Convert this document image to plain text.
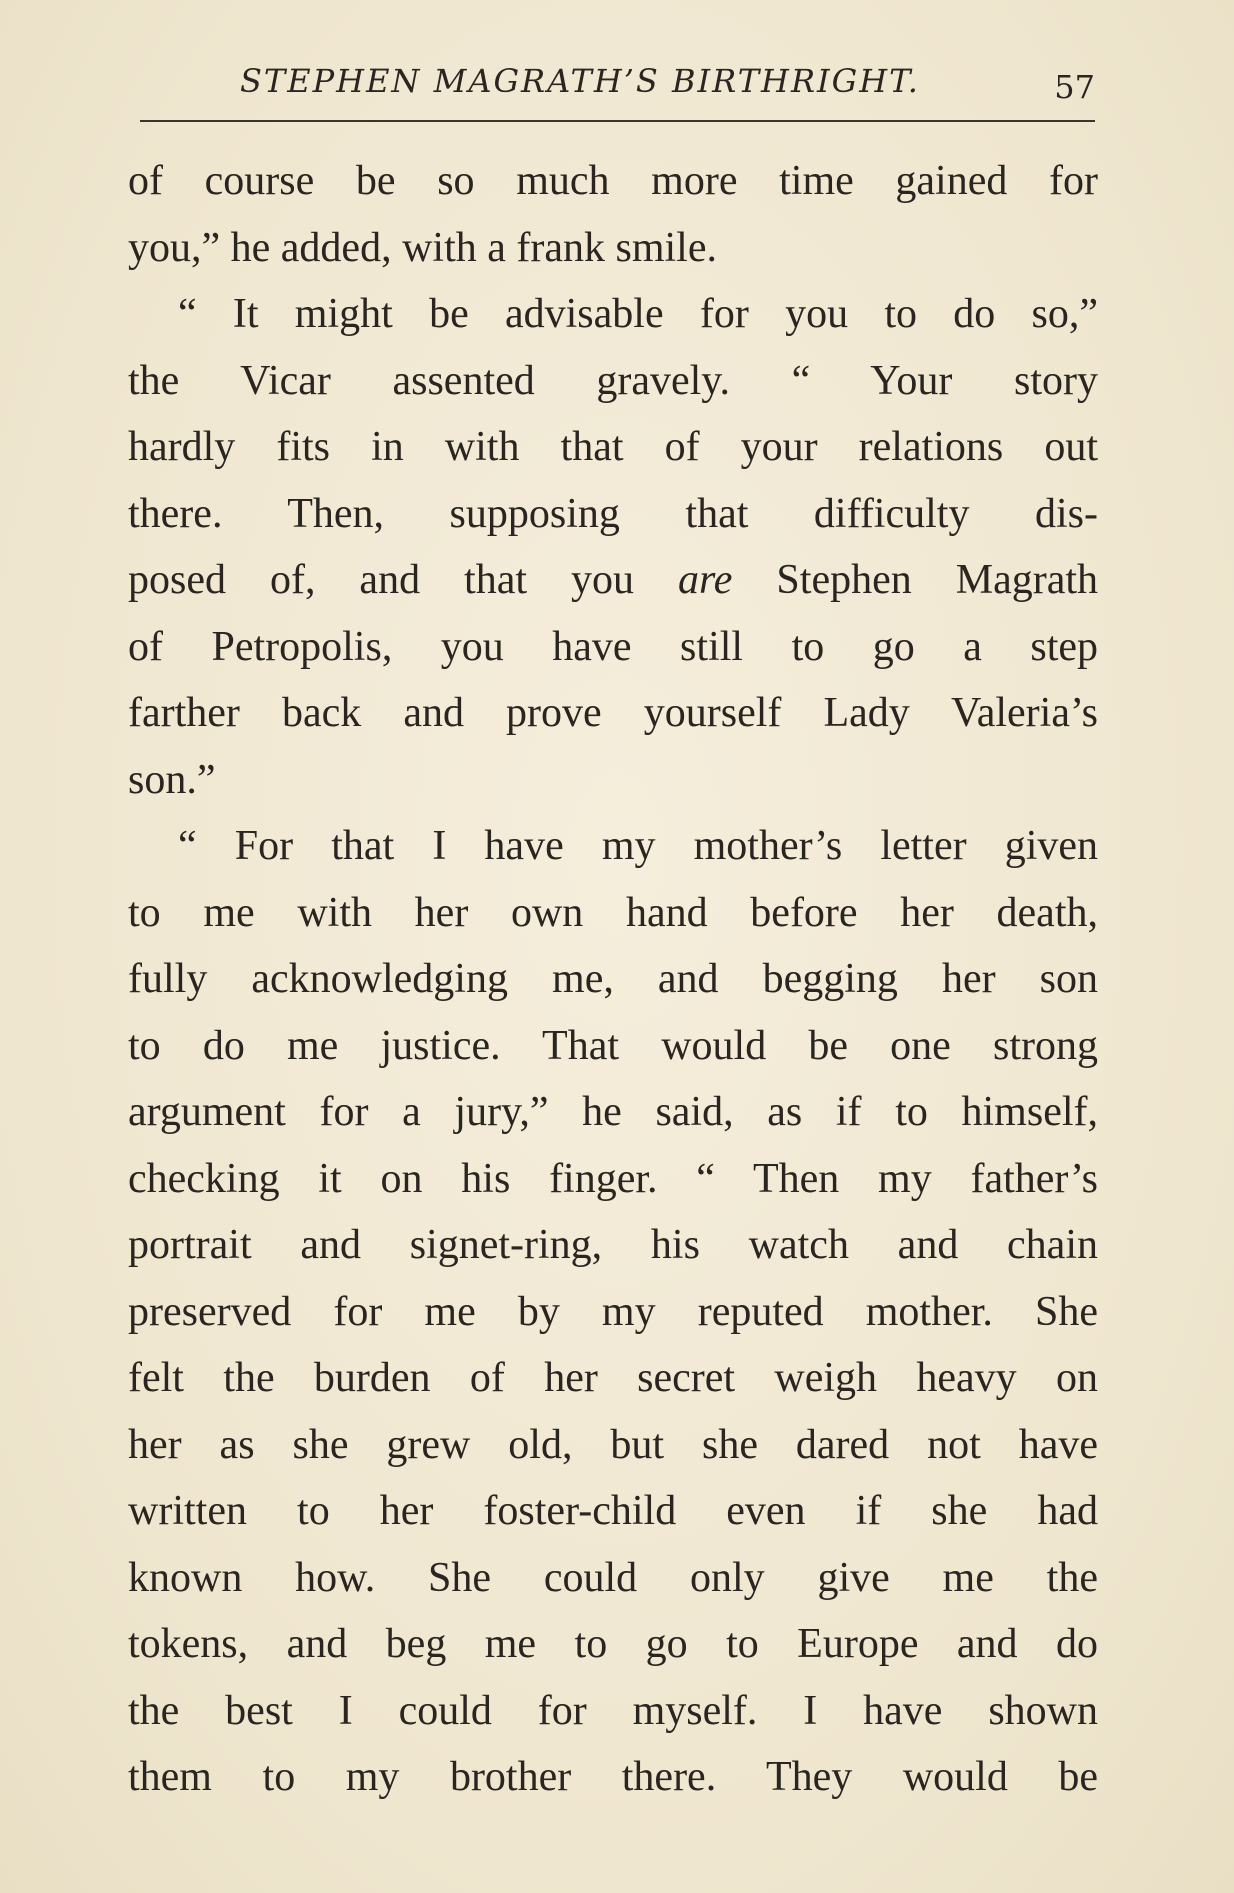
STEPHEN MAGRATH’S BIRTHRIGHT.	57
of course be so much more time gained for
you,” he added, with a frank smile.
“ It might be advisable for you to do so,”
the Vicar assented gravely. “ Your story
hardly fits in with that of your relations out
there. Then, supposing that difficulty dis-
posed of, and that you are Stephen Magrath
of Petropolis, you have still to go a step
farther back and prove yourself Lady Valeria’s
son.”
“ For that I have my mother’s letter given
to me with her own hand before her death,
fully acknowledging me, and begging her son
to do me justice. That would be one strong
argument for a jury,” he said, as if to himself,
checking it on his finger. “ Then my father’s
portrait and signet-ring, his watch and chain
preserved for me by my reputed mother. She
felt the burden of her secret weigh heavy on
her as she grew old, but she dared not have
written to her foster-child even if she had
known how. She could only give me the
tokens, and beg me to go to Europe and do
the best I could for myself. I have shown
them to my brother there. They would be
